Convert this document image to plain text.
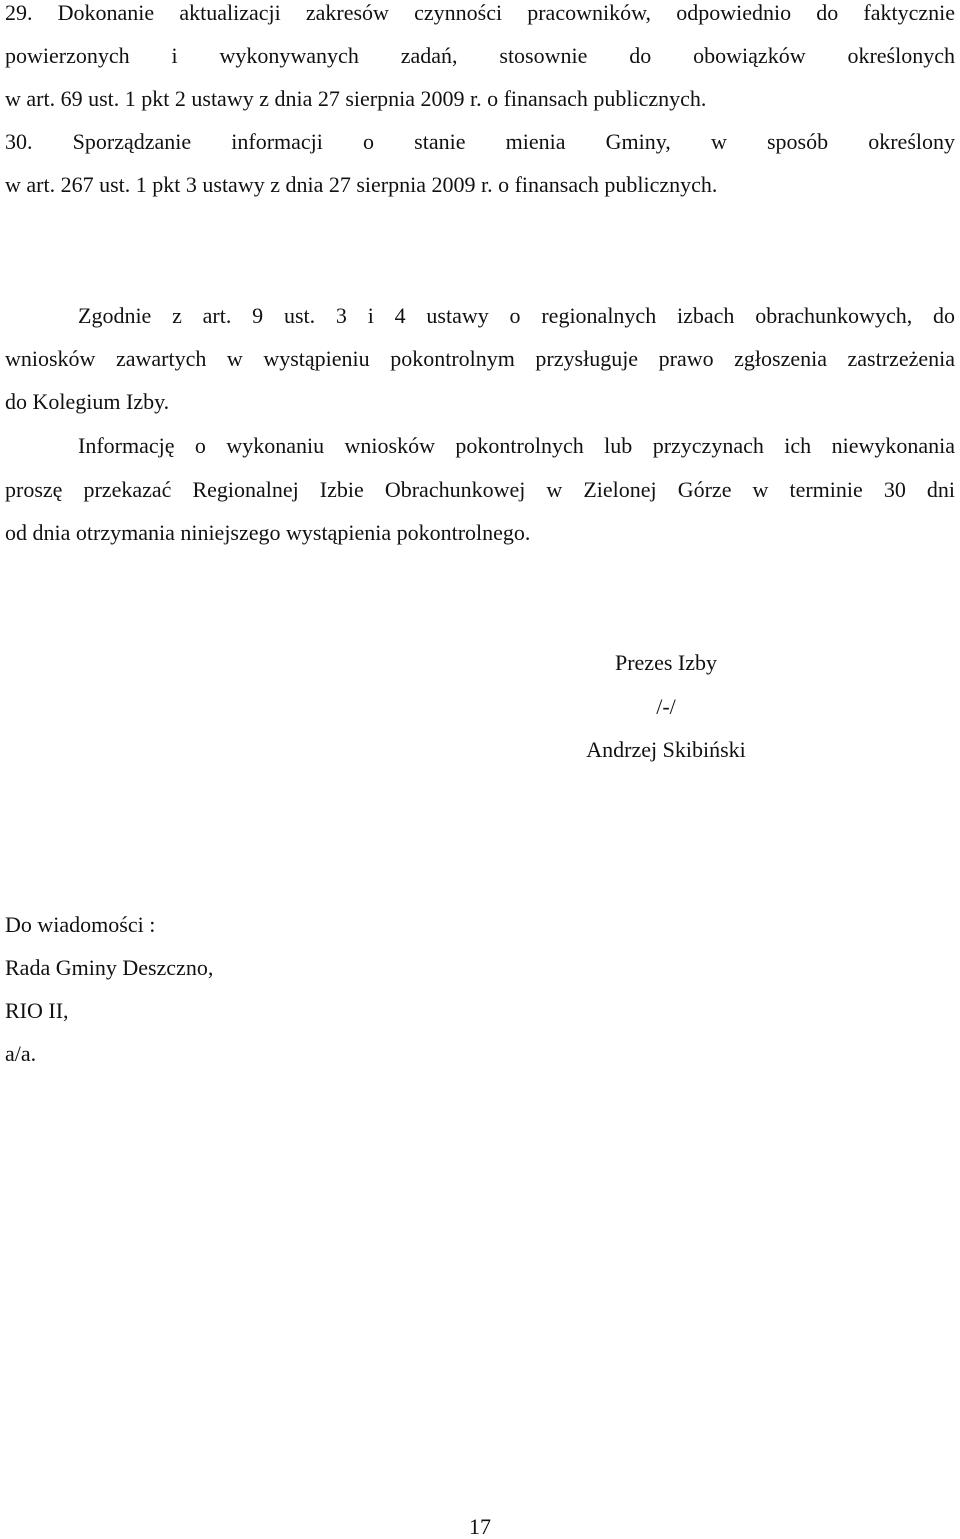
29. Dokonanie aktualizacji zakresów czynności pracowników, odpowiednio do faktycznie
powierzonych i wykonywanych zadań, stosownie do obowiązków określonych
w art. 69 ust. 1 pkt 2 ustawy z dnia 27 sierpnia 2009 r. o finansach publicznych.
30. Sporządzanie informacji o stanie mienia Gminy, w sposób określony
w art. 267 ust. 1 pkt 3 ustawy z dnia 27 sierpnia 2009 r. o finansach publicznych.
Zgodnie z art. 9 ust. 3 i 4 ustawy o regionalnych izbach obrachunkowych, do
wniosków zawartych w wystąpieniu pokontrolnym przysługuje prawo zgłoszenia zastrzeżenia
do Kolegium Izby.
Informację o wykonaniu wniosków pokontrolnych lub przyczynach ich niewykonania
proszę przekazać Regionalnej Izbie Obrachunkowej w Zielonej Górze w terminie 30 dni
od dnia otrzymania niniejszego wystąpienia pokontrolnego.
Prezes Izby
/-/
Andrzej Skibiński
Do wiadomości :
Rada Gminy Deszczno,
RIO II,
a/a.
17
